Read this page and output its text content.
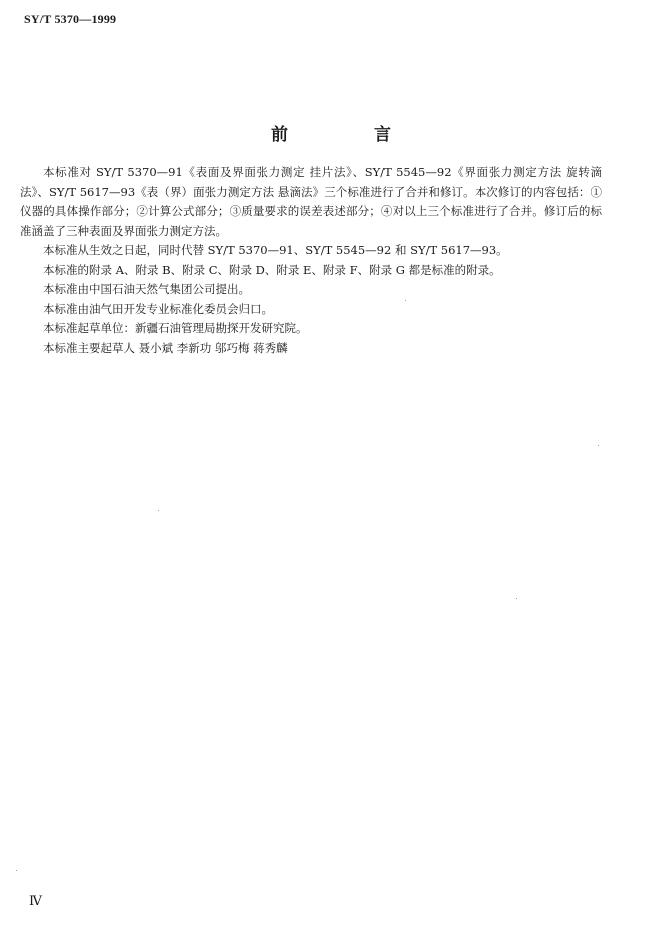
SY/T 5370—1999
前 言

本标准对 SY/T 5370—91《表面及界面张力测定 挂片法》、SY/T 5545—92《界面张力测定方法 旋转滴法》、SY/T 5617—93《表（界）面张力测定方法 悬滴法》三个标准进行了合并和修订。本次修订的内容包括：①仪器的具体操作部分；②计算公式部分；③质量要求的误差表述部分；④对以上三个标准进行了合并。修订后的标准涵盖了三种表面及界面张力测定方法。

本标准从生效之日起，同时代替 SY/T 5370—91、SY/T 5545—92 和 SY/T 5617—93。

本标准的附录 A、附录 B、附录 C、附录 D、附录 E、附录 F、附录 G 都是标准的附录。

本标准由中国石油天然气集团公司提出。

本标准由油气田开发专业标准化委员会归口。

本标准起草单位：新疆石油管理局勘探开发研究院。

本标准主要起草人 聂小斌 李新功 邬巧梅 蒋秀麟

Ⅳ
